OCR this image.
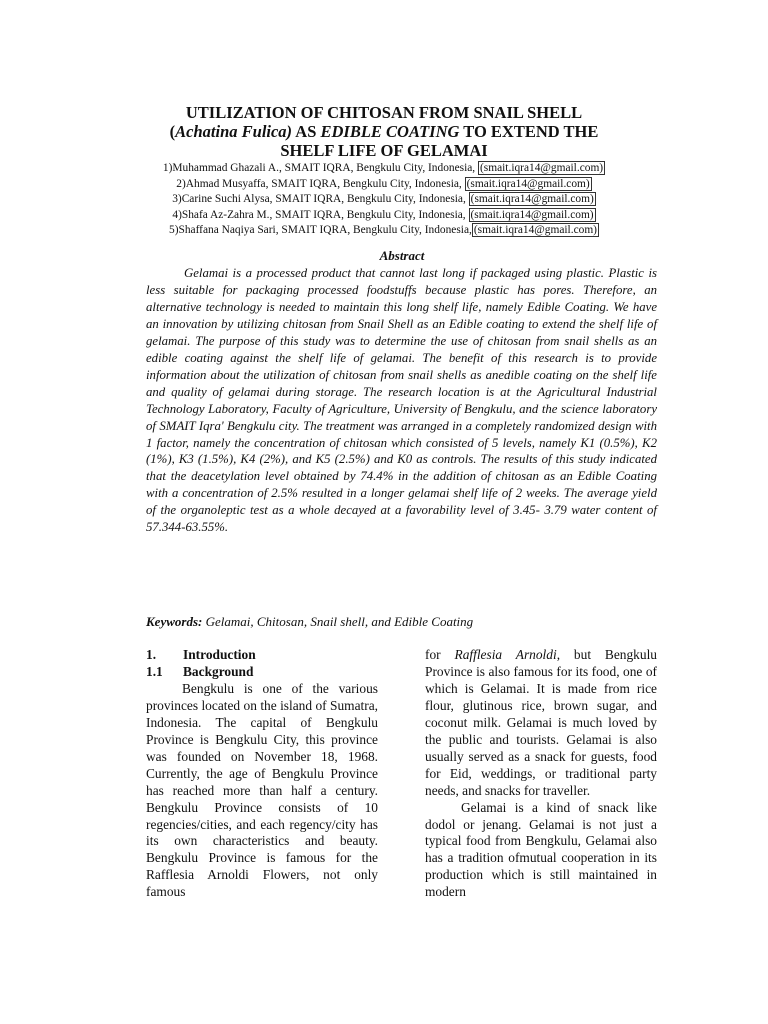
UTILIZATION OF CHITOSAN FROM SNAIL SHELL
(Achatina Fulica) AS EDIBLE COATING TO EXTEND THE
SHELF LIFE OF GELAMAI
1)Muhammad Ghazali A., SMAIT IQRA, Bengkulu City, Indonesia, (smait.iqra14@gmail.com)
2)Ahmad Musyaffa, SMAIT IQRA, Bengkulu City, Indonesia, (smait.iqra14@gmail.com)
3)Carine Suchi Alysa, SMAIT IQRA, Bengkulu City, Indonesia, (smait.iqra14@gmail.com)
4)Shafa Az-Zahra M., SMAIT IQRA, Bengkulu City, Indonesia, (smait.iqra14@gmail.com)
5)Shaffana Naqiya Sari, SMAIT IQRA, Bengkulu City, Indonesia, (smait.iqra14@gmail.com)
Abstract

Gelamai is a processed product that cannot last long if packaged using plastic. Plastic is less suitable for packaging processed foodstuffs because plastic has pores. Therefore, an alternative technology is needed to maintain this long shelf life, namely Edible Coating. We have an innovation by utilizing chitosan from Snail Shell as an Edible coating to extend the shelf life of gelamai. The purpose of this study was to determine the use of chitosan from snail shells as an edible coating against the shelf life of gelamai. The benefit of this research is to provide information about the utilization of chitosan from snail shells as anedible coating on the shelf life and quality of gelamai during storage. The research location is at the Agricultural Industrial Technology Laboratory, Faculty of Agriculture, University of Bengkulu, and the science laboratory of SMAIT Iqra' Bengkulu city. The treatment was arranged in a completely randomized design with 1 factor, namely the concentration of chitosan which consisted of 5 levels, namely K1 (0.5%), K2 (1%), K3 (1.5%), K4 (2%), and K5 (2.5%) and K0 as controls. The results of this study indicated that the deacetylation level obtained by 74.4% in the addition of chitosan as an Edible Coating with a concentration of 2.5% resulted in a longer gelamai shelf life of 2 weeks. The average yield of the organoleptic test as a whole decayed at a favorability level of 3.45- 3.79 water content of 57.344-63.55%.

Keywords: Gelamai, Chitosan, Snail shell, and Edible Coating
1.	Introduction
1.1	Background

Bengkulu is one of the various provinces located on the island of Sumatra, Indonesia. The capital of Bengkulu Province is Bengkulu City, this province was founded on November 18, 1968. Currently, the age of Bengkulu Province has reached more than half a century. Bengkulu Province consists of 10 regencies/cities, and each regency/city has its own characteristics and beauty. Bengkulu Province is famous for the Rafflesia Arnoldi Flowers, not only famous

for Rafflesia Arnoldi, but Bengkulu Province is also famous for its food, one of which is Gelamai. It is made from rice flour, glutinous rice, brown sugar, and coconut milk. Gelamai is much loved by the public and tourists. Gelamai is also usually served as a snack for guests, food for Eid, weddings, or traditional party needs, and snacks for traveller.

Gelamai is a kind of snack like dodol or jenang. Gelamai is not just a typical food from Bengkulu, Gelamai also has a tradition ofmutual cooperation in its production which is still maintained in modern
